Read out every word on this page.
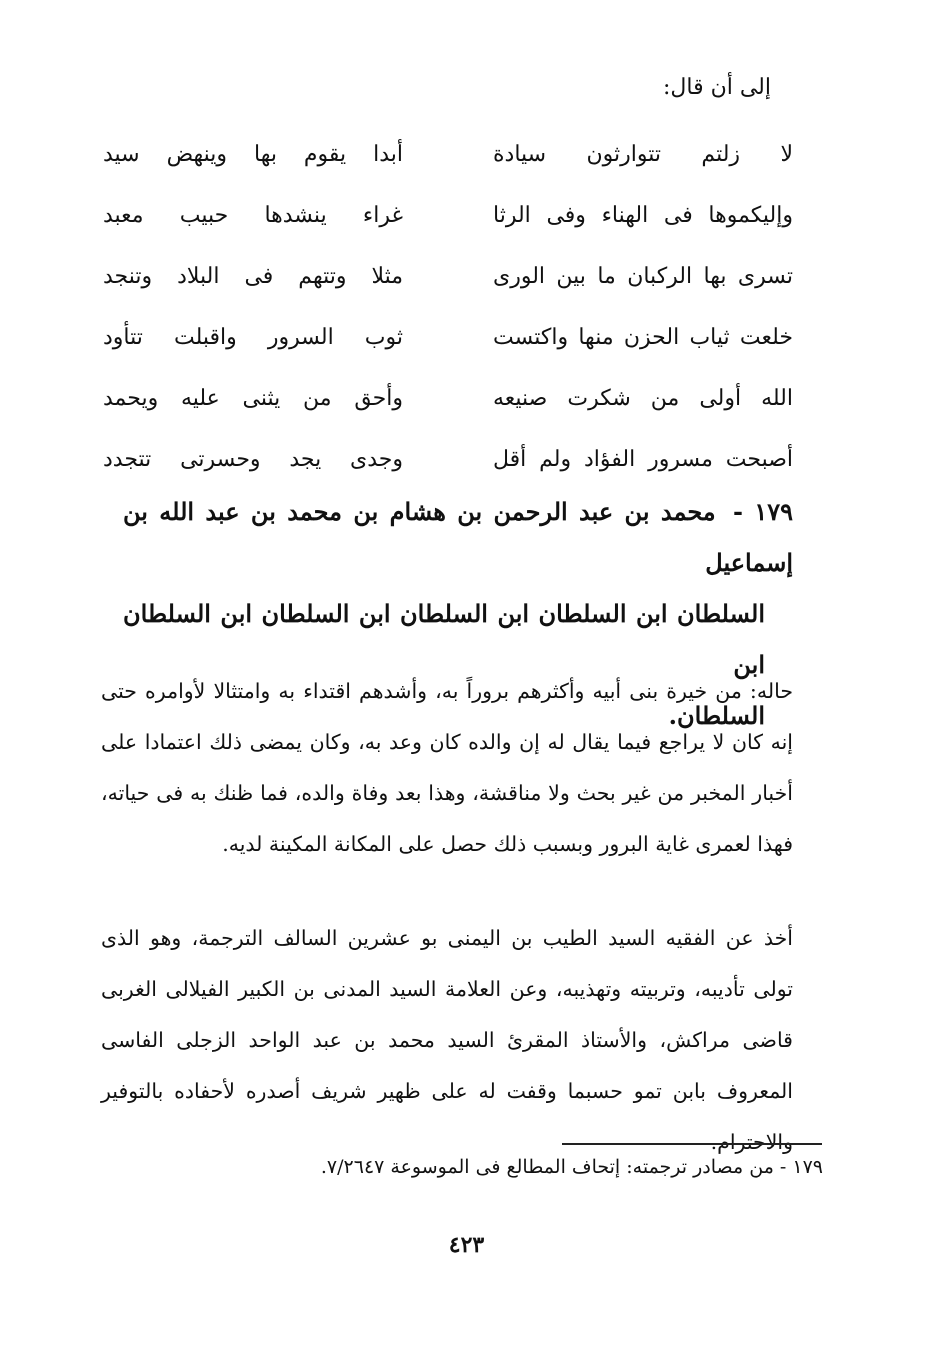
إلى أن قال:
لا زلتم تتوارثون سيادة
أبدا يقوم بها وينهض سيد
وإليكموها فى الهناء وفى الرثا
غراء ينشدها حبيب معبد
تسرى بها الركبان ما بين الورى
مثلا وتتهم فى البلاد وتنجد
خلعت ثياب الحزن منها واكتست
ثوب السرور واقبلت تتأود
الله أولى من شكرت صنيعه
وأحق من يثنى عليه ويحمد
أصبحت مسرور الفؤاد ولم أقل
وجدى يجد وحسرتى تتجدد
١٧٩ - محمد بن عبد الرحمن بن هشام بن محمد بن عبد الله بن إسماعيل
السلطان ابن السلطان ابن السلطان ابن السلطان ابن السلطان ابن
السلطان.

حاله: من خيرة بنى أبيه وأكثرهم بروراً به، وأشدهم اقتداء به وامتثالا لأوامره حتى إنه كان لا يراجع فيما يقال له إن والده كان وعد به، وكان يمضى ذلك اعتمادا على أخبار المخبر من غير بحث ولا مناقشة، وهذا بعد وفاة والده، فما ظنك به فى حياته، فهذا لعمرى غاية البرور وبسبب ذلك حصل على المكانة المكينة لديه.

أخذ عن الفقيه السيد الطيب بن اليمنى بو عشرين السالف الترجمة، وهو الذى تولى تأديبه، وتربيته وتهذيبه، وعن العلامة السيد المدنى بن الكبير الفيلالى الغربى قاضى مراكش، والأستاذ المقرئ السيد محمد بن عبد الواحد الزجلى الفاسى المعروف بابن تمو حسبما وقفت له على ظهير شريف أصدره لأحفاده بالتوفير والاحترام.

١٧٩ - من مصادر ترجمته: إتحاف المطالع فى الموسوعة ٧/٢٦٤٧.
٤٢٣
